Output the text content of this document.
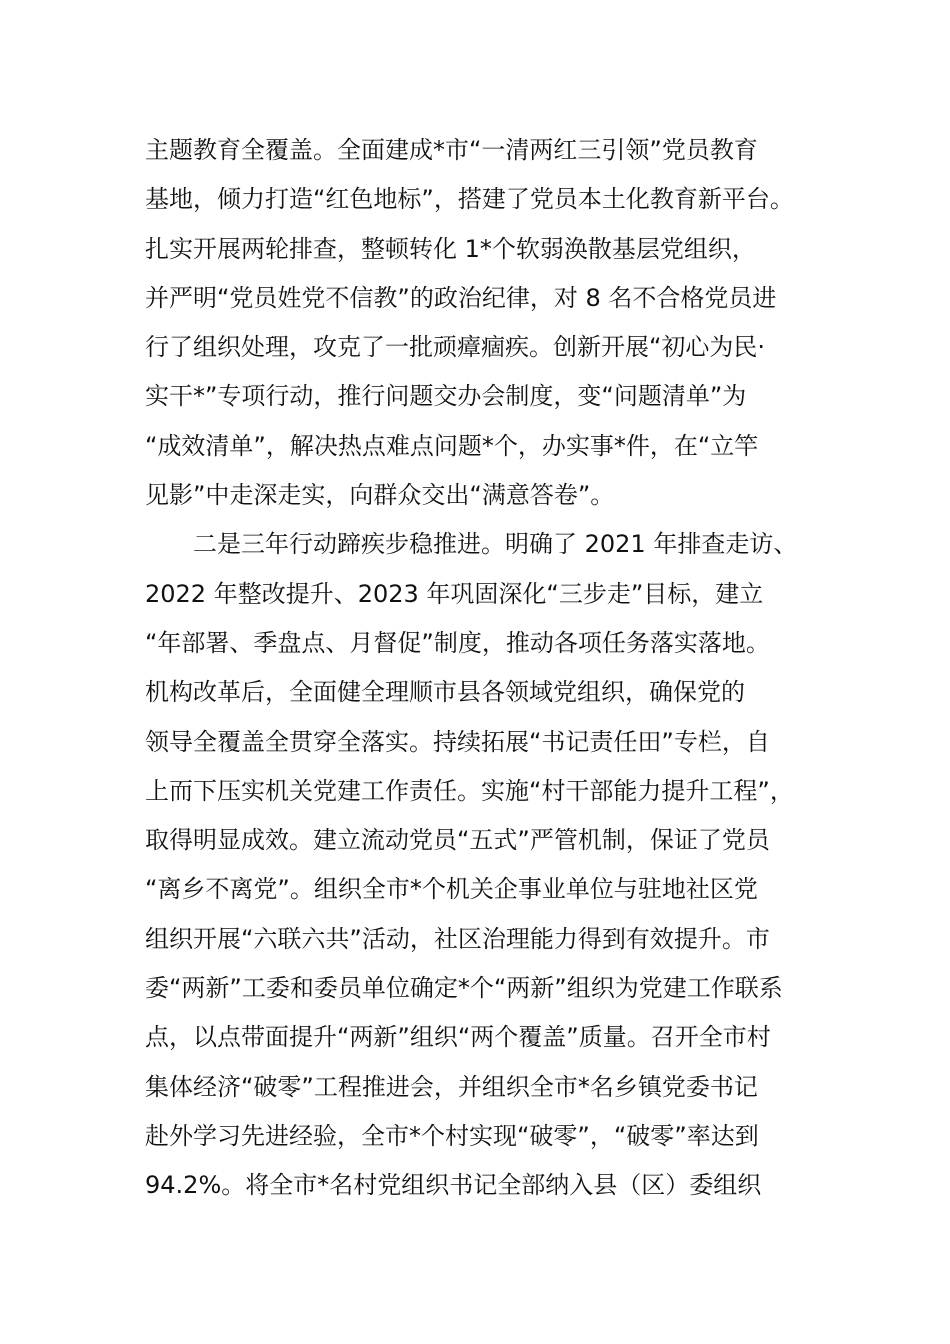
主题教育全覆盖。全面建成*市“一清两红三引领”党员教育
基地，倾力打造“红色地标”，搭建了党员本土化教育新平台。
扎实开展两轮排查，整顿转化 1*个软弱涣散基层党组织，
并严明“党员姓党不信教”的政治纪律，对 8 名不合格党员进
行了组织处理，攻克了一批顽瘴痼疾。创新开展“初心为民·
实干*”专项行动，推行问题交办会制度，变“问题清单”为
“成效清单”，解决热点难点问题*个，办实事*件，在“立竿
见影”中走深走实，向群众交出“满意答卷”。
二是三年行动蹄疾步稳推进。明确了 2021 年排查走访、
2022 年整改提升、2023 年巩固深化“三步走”目标，建立
“年部署、季盘点、月督促”制度，推动各项任务落实落地。
机构改革后，全面健全理顺市县各领域党组织，确保党的
领导全覆盖全贯穿全落实。持续拓展“书记责任田”专栏，自
上而下压实机关党建工作责任。实施“村干部能力提升工程”，
取得明显成效。建立流动党员“五式”严管机制，保证了党员
“离乡不离党”。组织全市*个机关企事业单位与驻地社区党
组织开展“六联六共”活动，社区治理能力得到有效提升。市
委“两新”工委和委员单位确定*个“两新”组织为党建工作联系
点，以点带面提升“两新”组织“两个覆盖”质量。召开全市村
集体经济“破零”工程推进会，并组织全市*名乡镇党委书记
赴外学习先进经验，全市*个村实现“破零”，“破零”率达到
94.2%。将全市*名村党组织书记全部纳入县（区）委组织
